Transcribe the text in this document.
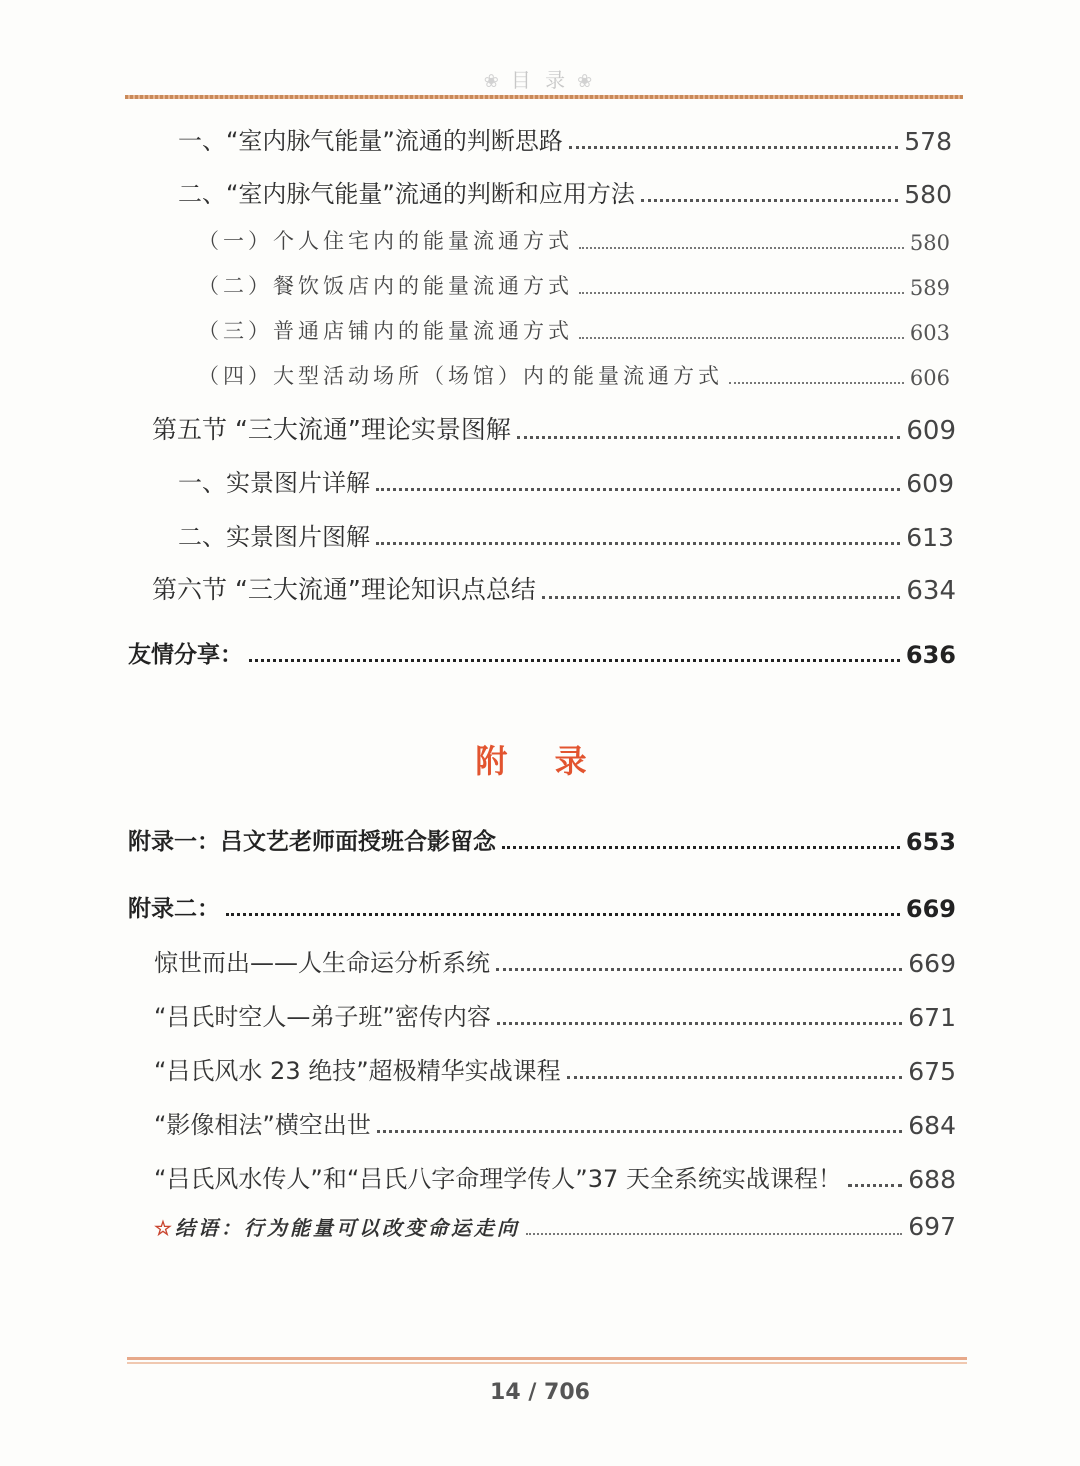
❀ 目 录 ❀
一、“室内脉气能量”流通的判断思路	578
二、“室内脉气能量”流通的判断和应用方法	580
（一）个人住宅内的能量流通方式	580
（二）餐饮饭店内的能量流通方式	589
（三）普通店铺内的能量流通方式	603
（四）大型活动场所（场馆）内的能量流通方式	606
第五节 “三大流通”理论实景图解	609
一、实景图片详解	609
二、实景图片图解	613
第六节 “三大流通”理论知识点总结	634
友情分享：	636
附 录
附录一：吕文艺老师面授班合影留念	653
附录二：	669
惊世而出——人生命运分析系统	669
“吕氏时空人—弟子班”密传内容	671
“吕氏风水 23 绝技”超极精华实战课程	675
“影像相法”横空出世	684
“吕氏风水传人”和“吕氏八字命理学传人”37 天全系统实战课程！	688
☆结语：行为能量可以改变命运走向	697
14 / 706
